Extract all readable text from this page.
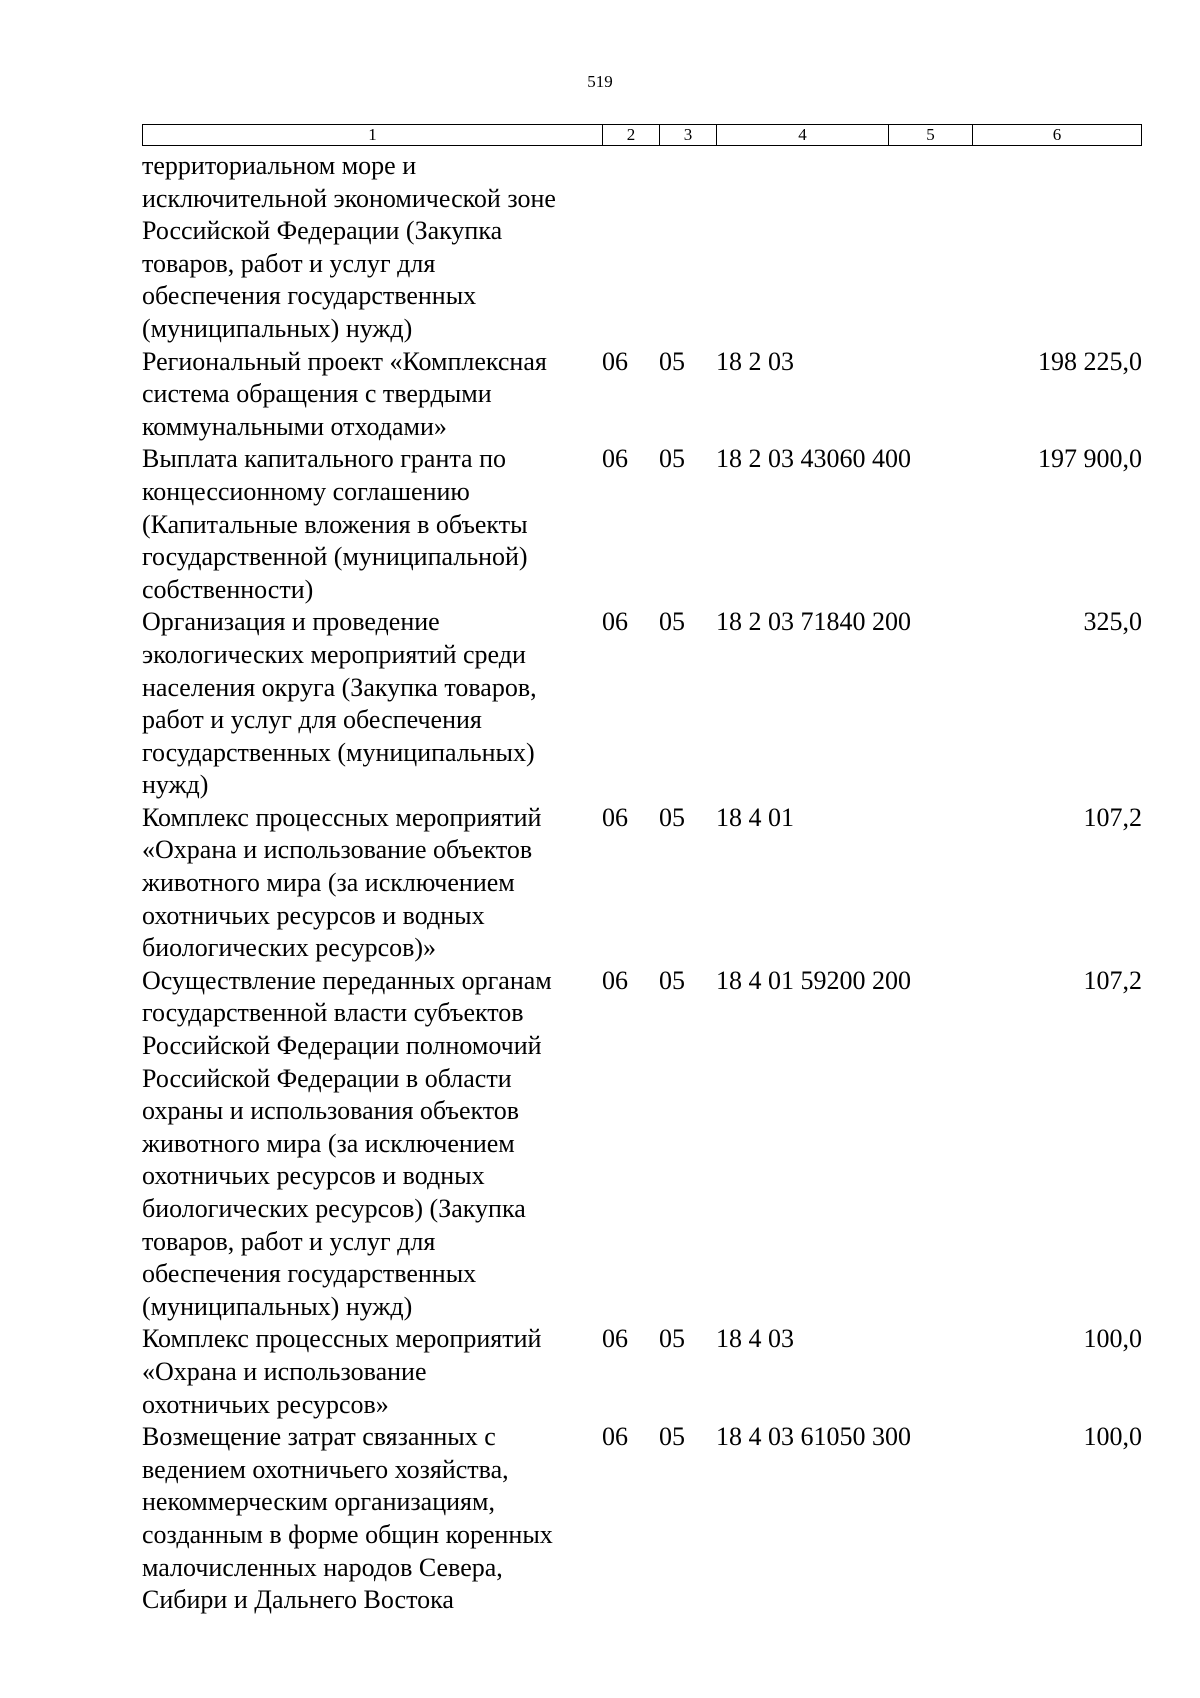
519
1	2	3	4	5	6
территориальном море и
исключительной экономической зоне
Российской Федерации (Закупка
товаров, работ и услуг для
обеспечения государственных
(муниципальных) нужд)
Региональный проект «Комплексная
система обращения с твердыми
коммунальными отходами»
06	05	18 2 03	198 225,0
Выплата капитального гранта по
концессионному соглашению
(Капитальные вложения в объекты
государственной (муниципальной)
собственности)
06	05	18 2 03 43060 400	197 900,0
Организация и проведение
экологических мероприятий среди
населения округа (Закупка товаров,
работ и услуг для обеспечения
государственных (муниципальных)
нужд)
06	05	18 2 03 71840 200	325,0
Комплекс процессных мероприятий
«Охрана и использование объектов
животного мира (за исключением
охотничьих ресурсов и водных
биологических ресурсов)»
06	05	18 4 01	107,2
Осуществление переданных органам
государственной власти субъектов
Российской Федерации полномочий
Российской Федерации в области
охраны и использования объектов
животного мира (за исключением
охотничьих ресурсов и водных
биологических ресурсов) (Закупка
товаров, работ и услуг для
обеспечения государственных
(муниципальных) нужд)
06	05	18 4 01 59200 200	107,2
Комплекс процессных мероприятий
«Охрана и использование
охотничьих ресурсов»
06	05	18 4 03	100,0
Возмещение затрат связанных с
ведением охотничьего хозяйства,
некоммерческим организациям,
созданным в форме общин коренных
малочисленных народов Севера,
Сибири и Дальнего Востока
06	05	18 4 03 61050 300	100,0
